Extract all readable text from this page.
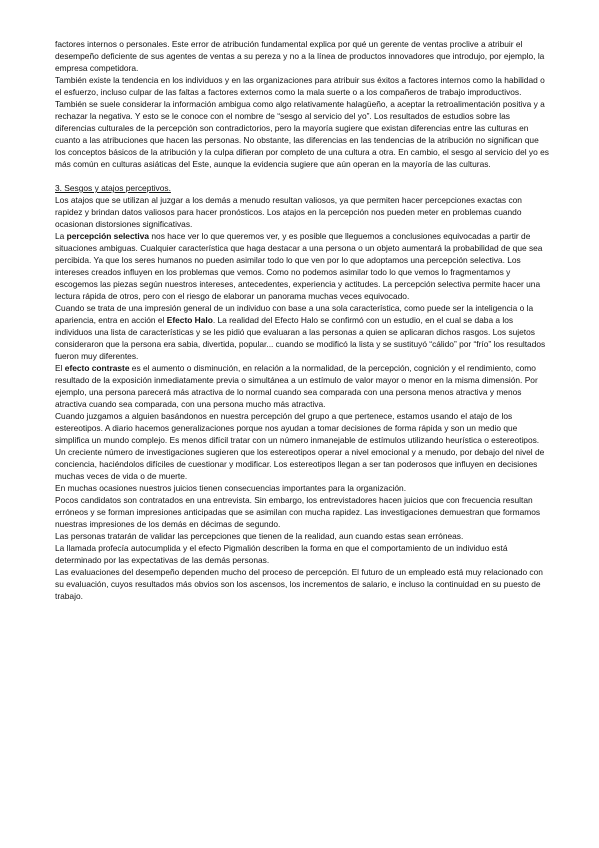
factores internos o personales. Este error de atribución fundamental explica por qué un gerente de ventas proclive a atribuir el desempeño deficiente de sus agentes de ventas a su pereza y no a la línea de productos innovadores que introdujo, por ejemplo, la empresa competidora.

También existe la tendencia en los individuos y en las organizaciones para atribuir sus éxitos a factores internos como la habilidad o el esfuerzo, incluso culpar de las faltas a factores externos como la mala suerte o a los compañeros de trabajo improductivos. También se suele considerar la información ambigua como algo relativamente halagüeño, a aceptar la retroalimentación positiva y a rechazar la negativa. Y esto se le conoce con el nombre de “sesgo al servicio del yo”. Los resultados de estudios sobre las diferencias culturales de la percepción son contradictorios, pero la mayoría sugiere que existan diferencias entre las culturas en cuanto a las atribuciones que hacen las personas. No obstante, las diferencias en las tendencias de la atribución no significan que los conceptos básicos de la atribución y la culpa difieran por completo de una cultura a otra. En cambio, el sesgo al servicio del yo es más común en culturas asiáticas del Este, aunque la evidencia sugiere que aún operan en la mayoría de las culturas.

3. Sesgos y atajos perceptivos.

Los atajos que se utilizan al juzgar a los demás a menudo resultan valiosos, ya que permiten hacer percepciones exactas con rapidez y brindan datos valiosos para hacer pronósticos. Los atajos en la percepción nos pueden meter en problemas cuando ocasionan distorsiones significativas.

La percepción selectiva nos hace ver lo que queremos ver, y es posible que lleguemos a conclusiones equivocadas a partir de situaciones ambiguas. Cualquier característica que haga destacar a una persona o un objeto aumentará la probabilidad de que sea percibida. Ya que los seres humanos no pueden asimilar todo lo que ven por lo que adoptamos una percepción selectiva. Los intereses creados influyen en los problemas que vemos. Como no podemos asimilar todo lo que vemos lo fragmentamos y escogemos las piezas según nuestros intereses, antecedentes, experiencia y actitudes. La percepción selectiva permite hacer una lectura rápida de otros, pero con el riesgo de elaborar un panorama muchas veces equivocado.

Cuando se trata de una impresión general de un individuo con base a una sola característica, como puede ser la inteligencia o la apariencia, entra en acción el Efecto Halo. La realidad del Efecto Halo se confirmó con un estudio, en el cual se daba a los individuos una lista de características y se les pidió que evaluaran a las personas a quien se aplicaran dichos rasgos. Los sujetos consideraron que la persona era sabia, divertida, popular... cuando se modificó la lista y se sustituyó “cálido” por “frío” los resultados fueron muy diferentes.

El efecto contraste es el aumento o disminución, en relación a la normalidad, de la percepción, cognición y el rendimiento, como resultado de la exposición inmediatamente previa o simultánea a un estímulo de valor mayor o menor en la misma dimensión. Por ejemplo, una persona parecerá más atractiva de lo normal cuando sea comparada con una persona menos atractiva y menos atractiva cuando sea comparada, con una persona mucho más atractiva.

Cuando juzgamos a alguien basándonos en nuestra percepción del grupo a que pertenece, estamos usando el atajo de los estereotipos. A diario hacemos generalizaciones porque nos ayudan a tomar decisiones de forma rápida y son un medio que simplifica un mundo complejo. Es menos difícil tratar con un número inmanejable de estímulos utilizando heurística o estereotipos. Un creciente número de investigaciones sugieren que los estereotipos operar a nivel emocional y a menudo, por debajo del nivel de conciencia, haciéndolos difíciles de cuestionar y modificar. Los estereotipos llegan a ser tan poderosos que influyen en decisiones muchas veces de vida o de muerte.

En muchas ocasiones nuestros juicios tienen consecuencias importantes para la organización.

Pocos candidatos son contratados en una entrevista. Sin embargo, los entrevistadores hacen juicios que con frecuencia resultan erróneos y se forman impresiones anticipadas que se asimilan con mucha rapidez. Las investigaciones demuestran que formamos nuestras impresiones de los demás en décimas de segundo.

Las personas tratarán de validar las percepciones que tienen de la realidad, aun cuando estas sean erróneas.

La llamada profecía autocumplida y el efecto Pigmalión describen la forma en que el comportamiento de un individuo está determinado por las expectativas de las demás personas.

Las evaluaciones del desempeño dependen mucho del proceso de percepción. El futuro de un empleado está muy relacionado con su evaluación, cuyos resultados más obvios son los ascensos, los incrementos de salario, e incluso la continuidad en su puesto de trabajo.
